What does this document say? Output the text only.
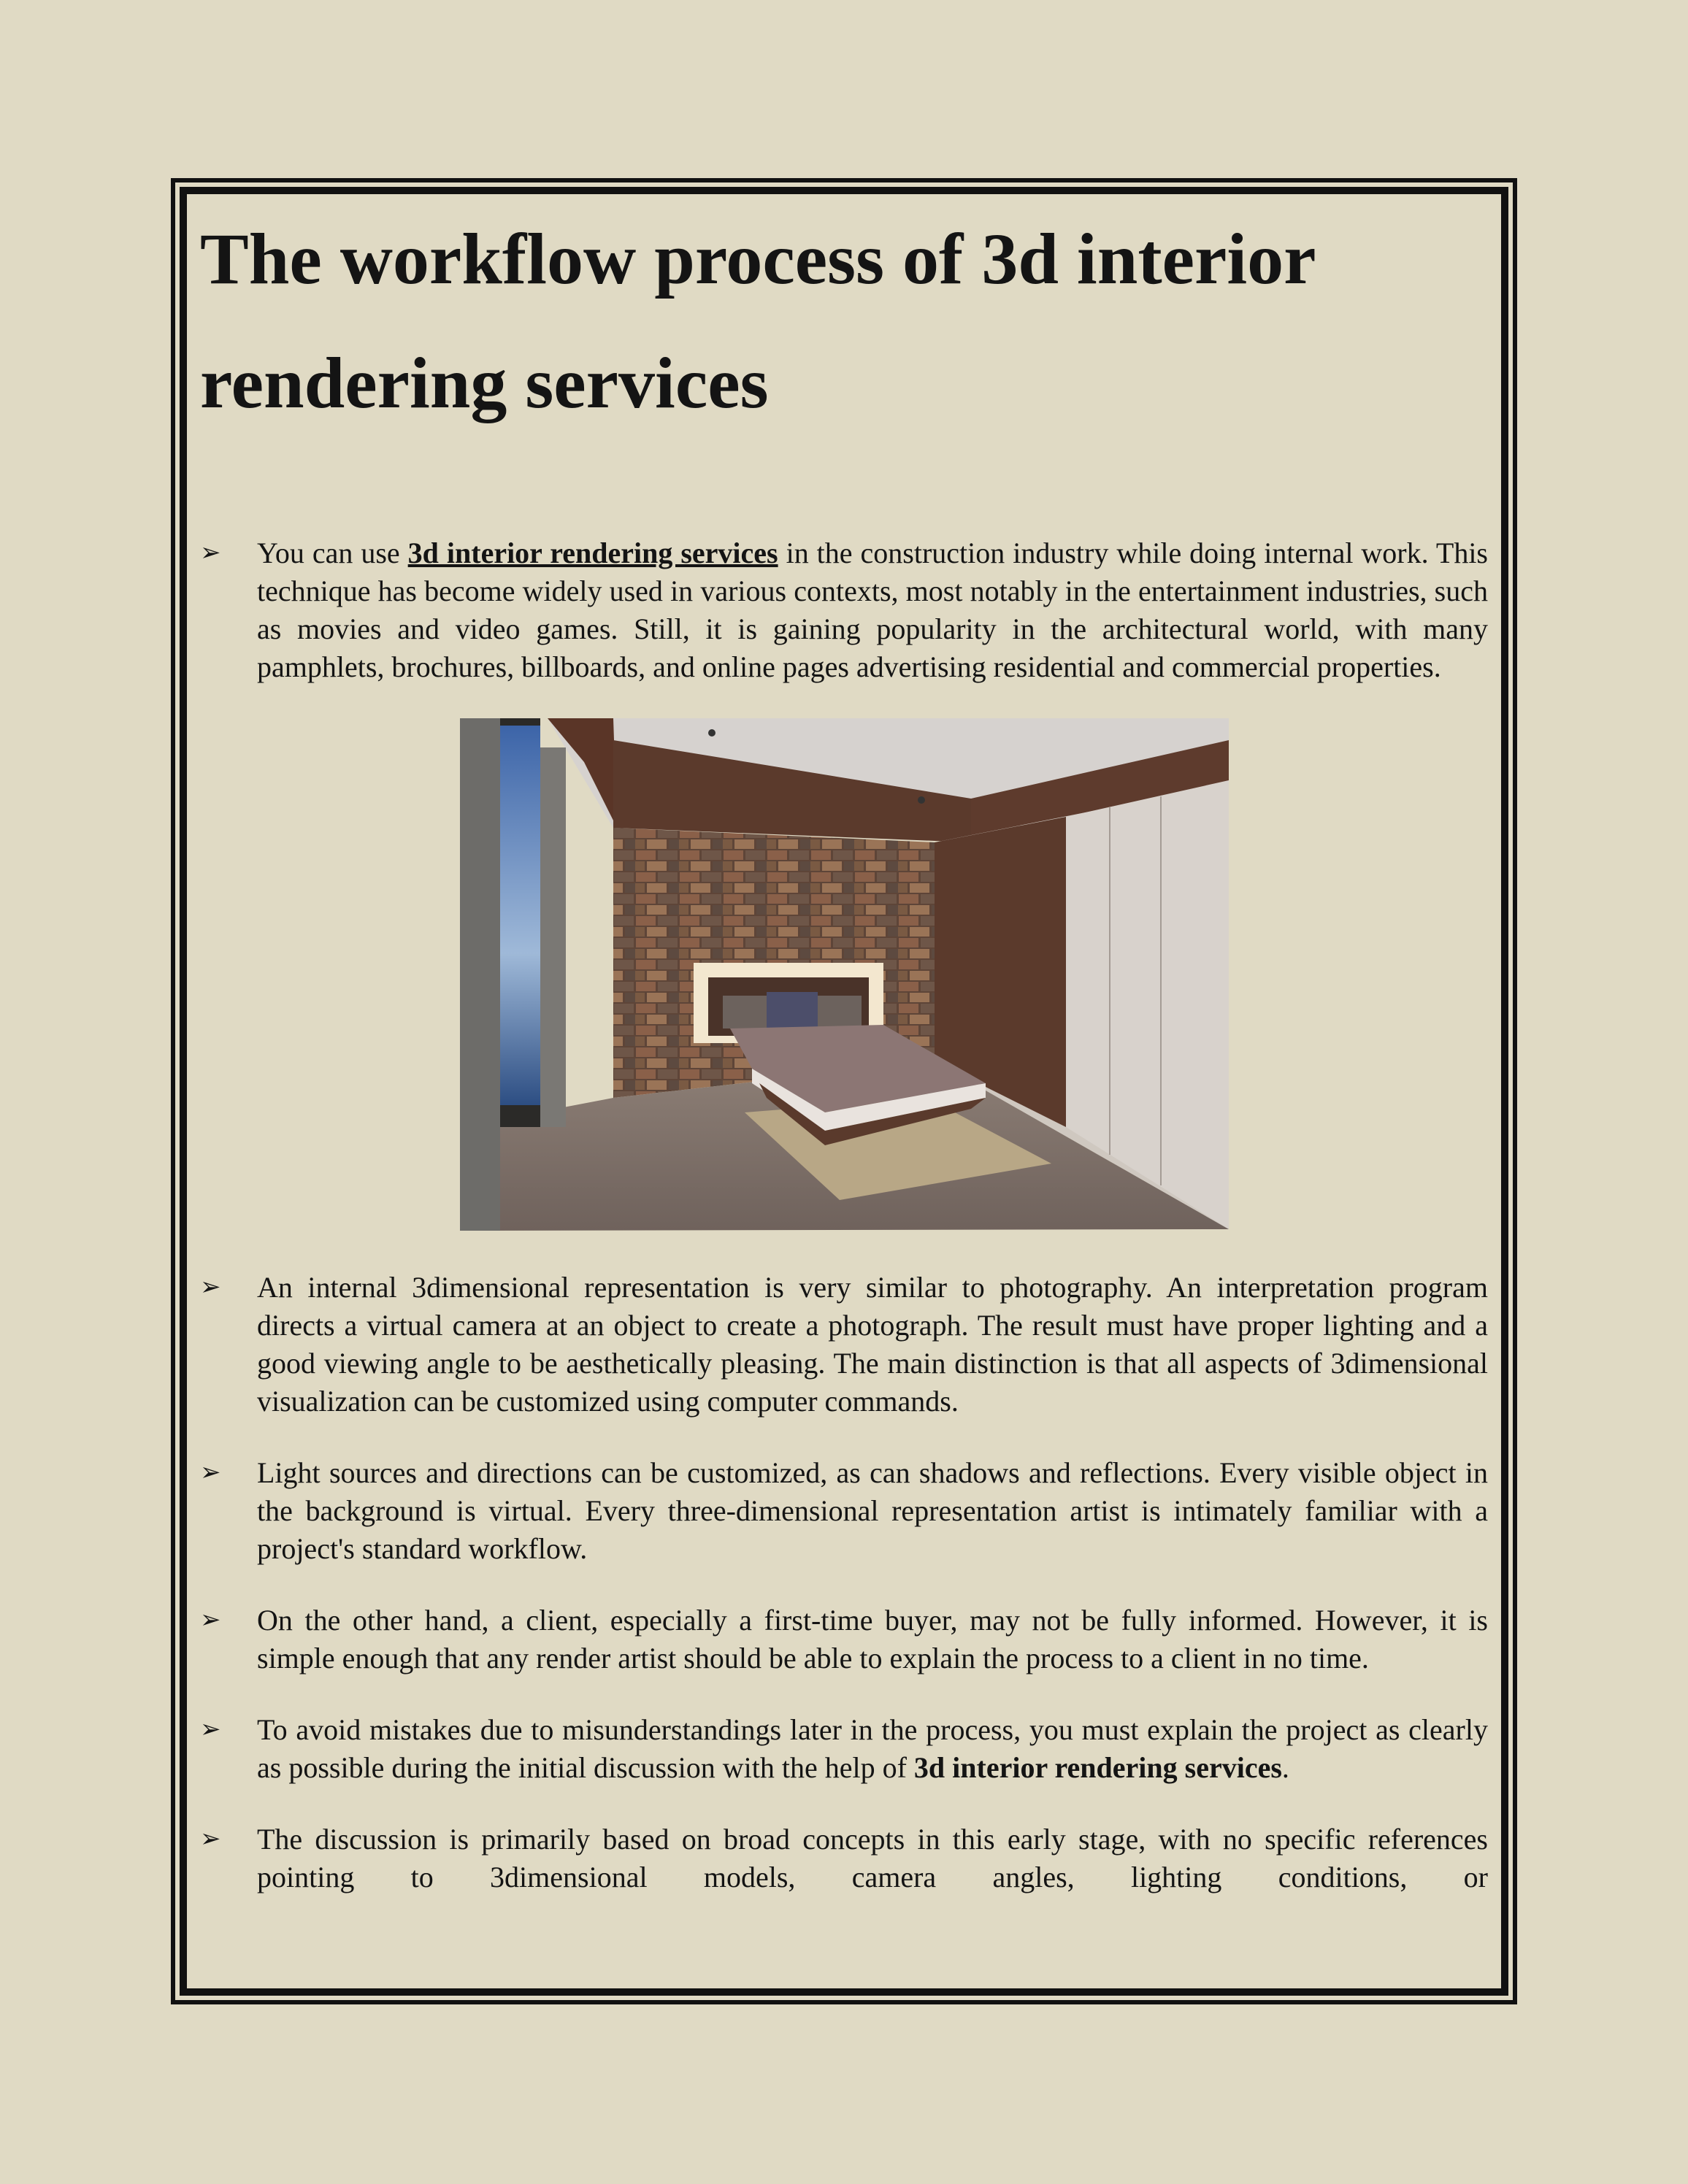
The workflow process of 3d interior rendering services
➢ You can use 3d interior rendering services in the construction industry while doing internal work. This technique has become widely used in various contexts, most notably in the entertainment industries, such as movies and video games. Still, it is gaining popularity in the architectural world, with many pamphlets, brochures, billboards, and online pages advertising residential and commercial properties.
➢ An internal 3dimensional representation is very similar to photography. An interpretation program directs a virtual camera at an object to create a photograph. The result must have proper lighting and a good viewing angle to be aesthetically pleasing. The main distinction is that all aspects of 3dimensional visualization can be customized using computer commands.
➢ Light sources and directions can be customized, as can shadows and reflections. Every visible object in the background is virtual. Every three-dimensional representation artist is intimately familiar with a project's standard workflow.
➢ On the other hand, a client, especially a first-time buyer, may not be fully informed. However, it is simple enough that any render artist should be able to explain the process to a client in no time.
➢ To avoid mistakes due to misunderstandings later in the process, you must explain the project as clearly as possible during the initial discussion with the help of 3d interior rendering services.
➢ The discussion is primarily based on broad concepts in this early stage, with no specific references pointing to 3dimensional models, camera angles, lighting conditions, or
